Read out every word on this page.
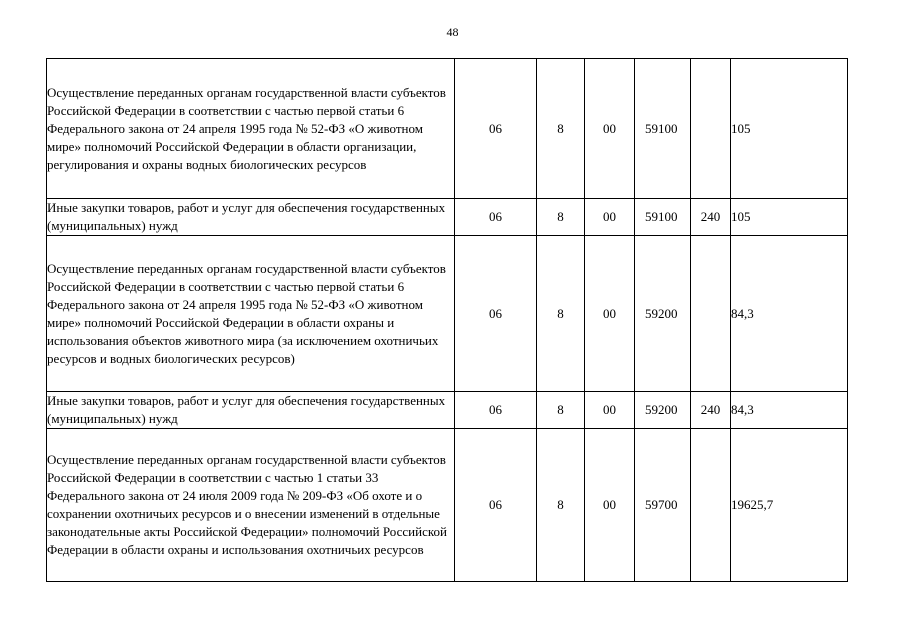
48
Осуществление переданных органам государственной власти субъектов Российской Федерации в соответствии с частью первой статьи 6 Федерального закона от 24 апреля 1995 года № 52-ФЗ «О животном мире» полномочий Российской Федерации в области организации, регулирования и охраны водных биологических ресурсов	06	8	00	59100		105
Иные закупки товаров, работ и услуг для обеспечения государственных (муниципальных) нужд	06	8	00	59100	240	105
Осуществление переданных органам государственной власти субъектов Российской Федерации в соответствии с частью первой статьи 6 Федерального закона от 24 апреля 1995 года № 52-ФЗ «О животном мире» полномочий Российской Федерации в области охраны и использования объектов животного мира (за исключением охотничьих ресурсов и водных биологических ресурсов)	06	8	00	59200		84,3
Иные закупки товаров, работ и услуг для обеспечения государственных (муниципальных) нужд	06	8	00	59200	240	84,3
Осуществление переданных органам государственной власти субъектов Российской Федерации в соответствии с частью 1 статьи 33 Федерального закона от 24 июля 2009 года № 209-ФЗ «Об охоте и о сохранении охотничьих ресурсов и о внесении изменений в отдельные законодательные акты Российской Федерации» полномочий Российской Федерации в области охраны и использования охотничьих ресурсов	06	8	00	59700		19625,7
